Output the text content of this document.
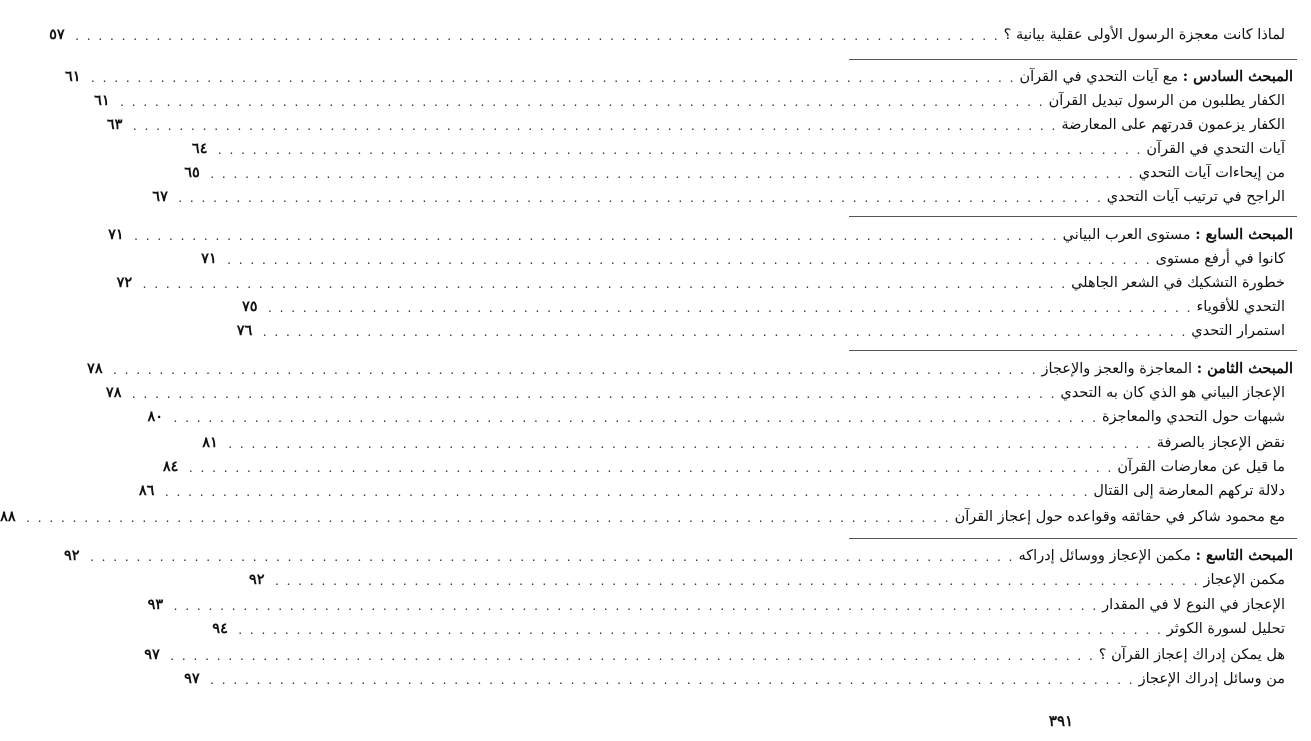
لماذا كانت معجزة الرسول الأولى عقلية بيانية ؟
. . . . . . . . . . . . . . . . . . . . . . . . . . . . . . . . . . . . . . . . . . . . . . . . . . . . . . . . . . . . . . . . . . . . . . . . . . . . . . . .
٥٧
المبحث السادس : مع آيات التحدي في القرآن
. . . . . . . . . . . . . . . . . . . . . . . . . . . . . . . . . . . . . . . . . . . . . . . . . . . . . . . . . . . . . . . . . . . . . . . . . . . . . . . .
٦١
الكفار يطلبون من الرسول تبديل القرآن
. . . . . . . . . . . . . . . . . . . . . . . . . . . . . . . . . . . . . . . . . . . . . . . . . . . . . . . . . . . . . . . . . . . . . . . . . . . . . . . .
٦١
الكفار يزعمون قدرتهم على المعارضة
. . . . . . . . . . . . . . . . . . . . . . . . . . . . . . . . . . . . . . . . . . . . . . . . . . . . . . . . . . . . . . . . . . . . . . . . . . . . . . . .
٦٣
آيات التحدي في القرآن
. . . . . . . . . . . . . . . . . . . . . . . . . . . . . . . . . . . . . . . . . . . . . . . . . . . . . . . . . . . . . . . . . . . . . . . . . . . . . . . .
٦٤
من إيحاءات آيات التحدي
. . . . . . . . . . . . . . . . . . . . . . . . . . . . . . . . . . . . . . . . . . . . . . . . . . . . . . . . . . . . . . . . . . . . . . . . . . . . . . . .
٦٥
الراجح في ترتيب آيات التحدي
. . . . . . . . . . . . . . . . . . . . . . . . . . . . . . . . . . . . . . . . . . . . . . . . . . . . . . . . . . . . . . . . . . . . . . . . . . . . . . . .
٦٧
المبحث السابع : مستوى العرب البياني
. . . . . . . . . . . . . . . . . . . . . . . . . . . . . . . . . . . . . . . . . . . . . . . . . . . . . . . . . . . . . . . . . . . . . . . . . . . . . . . .
٧١
كانوا في أرفع مستوى
. . . . . . . . . . . . . . . . . . . . . . . . . . . . . . . . . . . . . . . . . . . . . . . . . . . . . . . . . . . . . . . . . . . . . . . . . . . . . . . .
٧١
خطورة التشكيك في الشعر الجاهلي
. . . . . . . . . . . . . . . . . . . . . . . . . . . . . . . . . . . . . . . . . . . . . . . . . . . . . . . . . . . . . . . . . . . . . . . . . . . . . . . .
٧٢
التحدي للأقوياء
. . . . . . . . . . . . . . . . . . . . . . . . . . . . . . . . . . . . . . . . . . . . . . . . . . . . . . . . . . . . . . . . . . . . . . . . . . . . . . . .
٧٥
استمرار التحدي
. . . . . . . . . . . . . . . . . . . . . . . . . . . . . . . . . . . . . . . . . . . . . . . . . . . . . . . . . . . . . . . . . . . . . . . . . . . . . . . .
٧٦
المبحث الثامن : المعاجزة والعجز والإعجاز
. . . . . . . . . . . . . . . . . . . . . . . . . . . . . . . . . . . . . . . . . . . . . . . . . . . . . . . . . . . . . . . . . . . . . . . . . . . . . . . .
٧٨
الإعجاز البياني هو الذي كان به التحدي
. . . . . . . . . . . . . . . . . . . . . . . . . . . . . . . . . . . . . . . . . . . . . . . . . . . . . . . . . . . . . . . . . . . . . . . . . . . . . . . .
٧٨
شبهات حول التحدي والمعاجزة
. . . . . . . . . . . . . . . . . . . . . . . . . . . . . . . . . . . . . . . . . . . . . . . . . . . . . . . . . . . . . . . . . . . . . . . . . . . . . . . .
٨٠
نقض الإعجاز بالصرفة
. . . . . . . . . . . . . . . . . . . . . . . . . . . . . . . . . . . . . . . . . . . . . . . . . . . . . . . . . . . . . . . . . . . . . . . . . . . . . . . .
٨١
ما قيل عن معارضات القرآن
. . . . . . . . . . . . . . . . . . . . . . . . . . . . . . . . . . . . . . . . . . . . . . . . . . . . . . . . . . . . . . . . . . . . . . . . . . . . . . . .
٨٤
دلالة تركهم المعارضة إلى القتال
. . . . . . . . . . . . . . . . . . . . . . . . . . . . . . . . . . . . . . . . . . . . . . . . . . . . . . . . . . . . . . . . . . . . . . . . . . . . . . . .
٨٦
مع محمود شاكر في حقائقه وقواعده حول إعجاز القرآن
. . . . . . . . . . . . . . . . . . . . . . . . . . . . . . . . . . . . . . . . . . . . . . . . . . . . . . . . . . . . . . . . . . . . . . . . . . . . . . . .
٨٨
المبحث التاسع : مكمن الإعجاز ووسائل إدراكه
. . . . . . . . . . . . . . . . . . . . . . . . . . . . . . . . . . . . . . . . . . . . . . . . . . . . . . . . . . . . . . . . . . . . . . . . . . . . . . . .
٩٢
مكمن الإعجاز
. . . . . . . . . . . . . . . . . . . . . . . . . . . . . . . . . . . . . . . . . . . . . . . . . . . . . . . . . . . . . . . . . . . . . . . . . . . . . . . .
٩٢
الإعجاز في النوع لا في المقدار
. . . . . . . . . . . . . . . . . . . . . . . . . . . . . . . . . . . . . . . . . . . . . . . . . . . . . . . . . . . . . . . . . . . . . . . . . . . . . . . .
٩٣
تحليل لسورة الكوثر
. . . . . . . . . . . . . . . . . . . . . . . . . . . . . . . . . . . . . . . . . . . . . . . . . . . . . . . . . . . . . . . . . . . . . . . . . . . . . . . .
٩٤
هل يمكن إدراك إعجاز القرآن ؟
. . . . . . . . . . . . . . . . . . . . . . . . . . . . . . . . . . . . . . . . . . . . . . . . . . . . . . . . . . . . . . . . . . . . . . . . . . . . . . . .
٩٧
من وسائل إدراك الإعجاز
. . . . . . . . . . . . . . . . . . . . . . . . . . . . . . . . . . . . . . . . . . . . . . . . . . . . . . . . . . . . . . . . . . . . . . . . . . . . . . . .
٩٧
٣٩١
